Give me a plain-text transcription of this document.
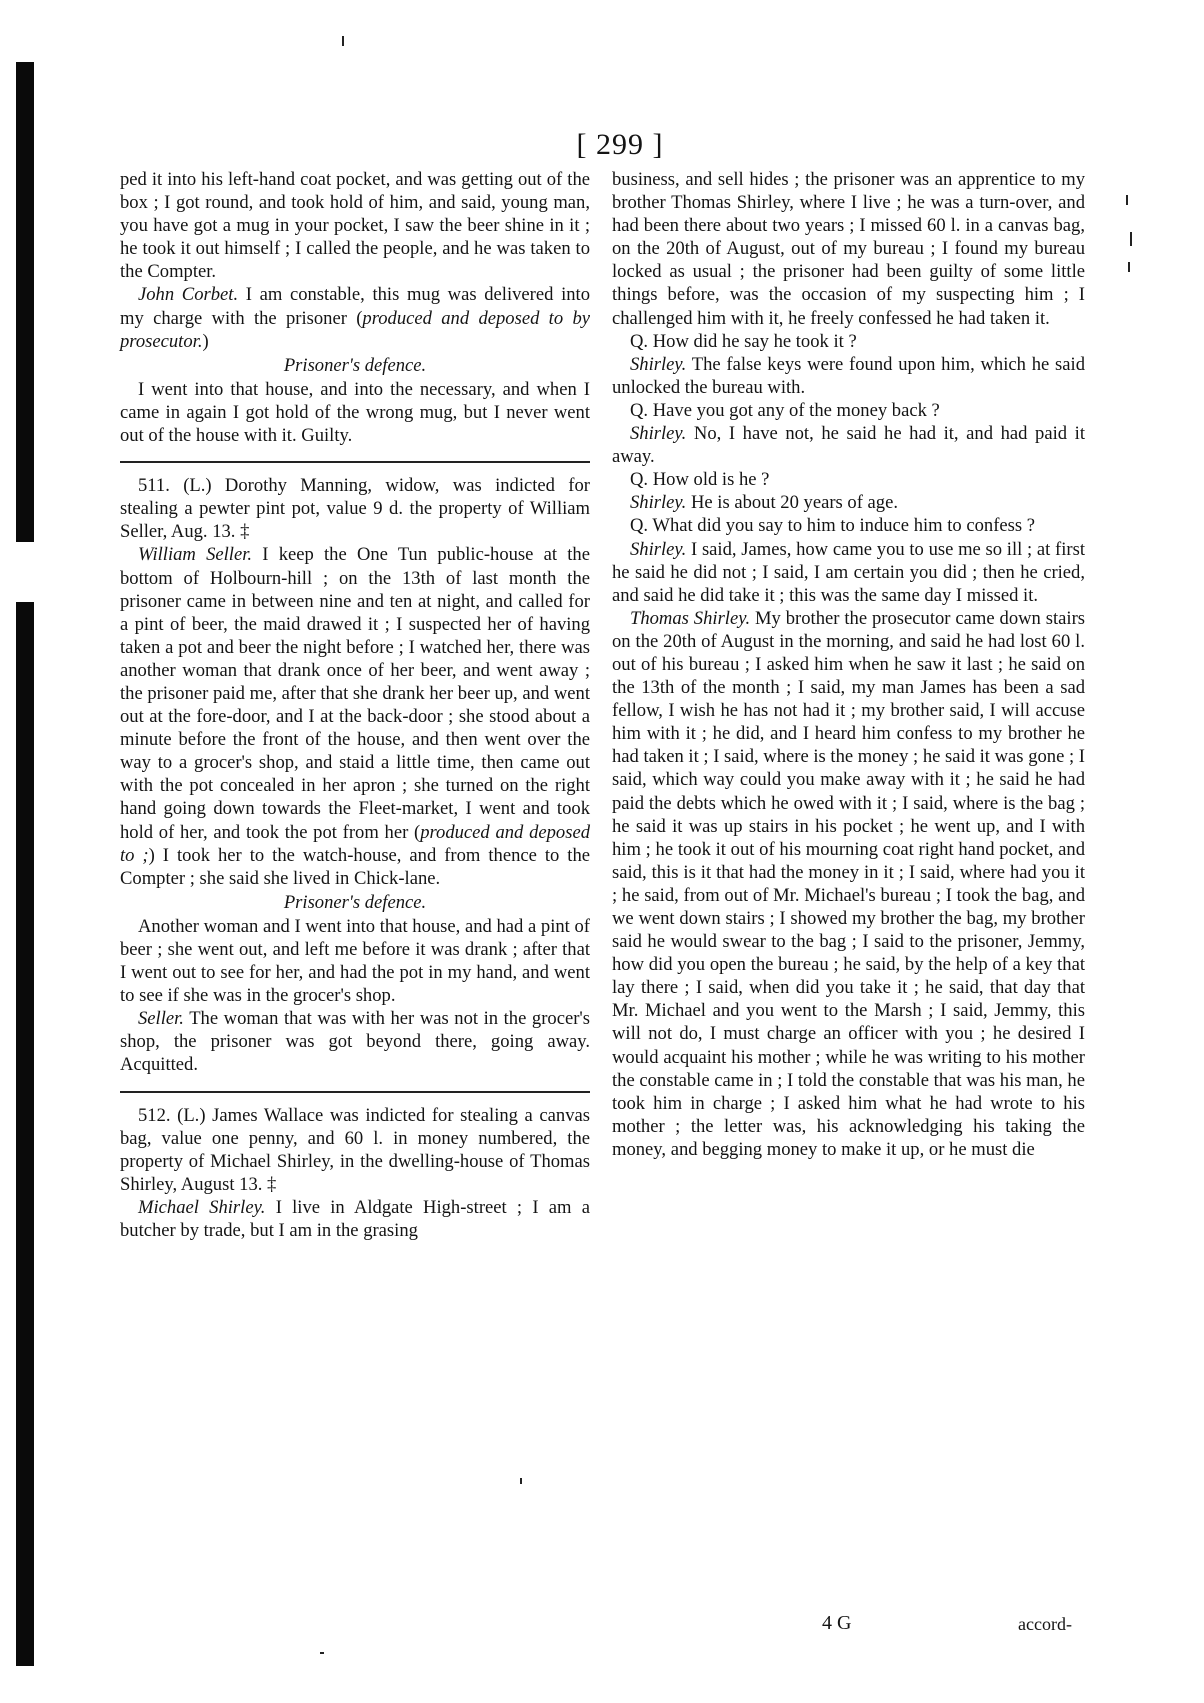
[ 299 ]

ped it into his left-hand coat pocket, and was getting out of the box ; I got round, and took hold of him, and said, young man, you have got a mug in your pocket, I saw the beer shine in it ; he took it out himself ; I called the people, and he was taken to the Compter.

John Corbet. I am constable, this mug was delivered into my charge with the prisoner (produced and deposed to by prosecutor.)

Prisoner's defence.

I went into that house, and into the necessary, and when I came in again I got hold of the wrong mug, but I never went out of the house with it. Guilty.

511. (L.) Dorothy Manning, widow, was indicted for stealing a pewter pint pot, value 9 d. the property of William Seller, Aug. 13. ‡

William Seller. I keep the One Tun public-house at the bottom of Holbourn-hill ; on the 13th of last month the prisoner came in between nine and ten at night, and called for a pint of beer, the maid drawed it ; I suspected her of having taken a pot and beer the night before ; I watched her, there was another woman that drank once of her beer, and went away ; the prisoner paid me, after that she drank her beer up, and went out at the fore-door, and I at the back-door ; she stood about a minute before the front of the house, and then went over the way to a grocer's shop, and staid a little time, then came out with the pot concealed in her apron ; she turned on the right hand going down towards the Fleet-market, I went and took hold of her, and took the pot from her (produced and deposed to ;) I took her to the watch-house, and from thence to the Compter ; she said she lived in Chick-lane.

Prisoner's defence.

Another woman and I went into that house, and had a pint of beer ; she went out, and left me before it was drank ; after that I went out to see for her, and had the pot in my hand, and went to see if she was in the grocer's shop.

Seller. The woman that was with her was not in the grocer's shop, the prisoner was got beyond there, going away. Acquitted.

512. (L.) James Wallace was indicted for stealing a canvas bag, value one penny, and 60 l. in money numbered, the property of Michael Shirley, in the dwelling-house of Thomas Shirley, August 13. ‡

Michael Shirley. I live in Aldgate High-street ; I am a butcher by trade, but I am in the grasing

business, and sell hides ; the prisoner was an apprentice to my brother Thomas Shirley, where I live ; he was a turn-over, and had been there about two years ; I missed 60 l. in a canvas bag, on the 20th of August, out of my bureau ; I found my bureau locked as usual ; the prisoner had been guilty of some little things before, was the occasion of my suspecting him ; I challenged him with it, he freely confessed he had taken it.

Q. How did he say he took it ?

Shirley. The false keys were found upon him, which he said unlocked the bureau with.

Q. Have you got any of the money back ?

Shirley. No, I have not, he said he had it, and had paid it away.

Q. How old is he ?

Shirley. He is about 20 years of age.

Q. What did you say to him to induce him to confess ?

Shirley. I said, James, how came you to use me so ill ; at first he said he did not ; I said, I am certain you did ; then he cried, and said he did take it ; this was the same day I missed it.

Thomas Shirley. My brother the prosecutor came down stairs on the 20th of August in the morning, and said he had lost 60 l. out of his bureau ; I asked him when he saw it last ; he said on the 13th of the month ; I said, my man James has been a sad fellow, I wish he has not had it ; my brother said, I will accuse him with it ; he did, and I heard him confess to my brother he had taken it ; I said, where is the money ; he said it was gone ; I said, which way could you make away with it ; he said he had paid the debts which he owed with it ; I said, where is the bag ; he said it was up stairs in his pocket ; he went up, and I with him ; he took it out of his mourning coat right hand pocket, and said, this is it that had the money in it ; I said, where had you it ; he said, from out of Mr. Michael's bureau ; I took the bag, and we went down stairs ; I showed my brother the bag, my brother said he would swear to the bag ; I said to the prisoner, Jemmy, how did you open the bureau ; he said, by the help of a key that lay there ; I said, when did you take it ; he said, that day that Mr. Michael and you went to the Marsh ; I said, Jemmy, this will not do, I must charge an officer with you ; he desired I would acquaint his mother ; while he was writing to his mother the constable came in ; I told the constable that was his man, he took him in charge ; I asked him what he had wrote to his mother ; the letter was, his acknowledging his taking the money, and begging money to make it up, or he must die

4 G	accord-
